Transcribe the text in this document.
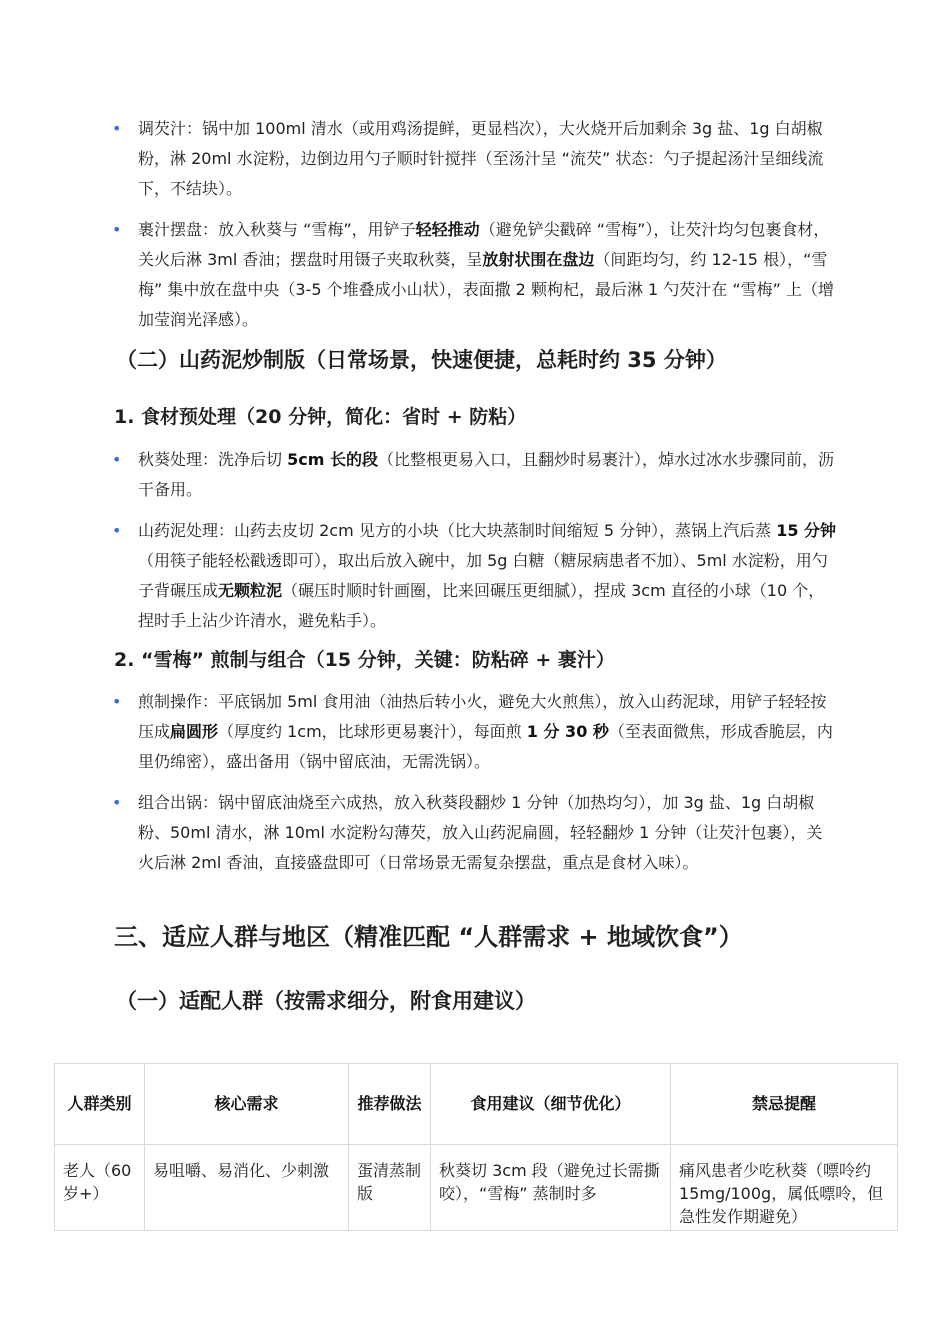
• 调芡汁：锅中加 100ml 清水（或用鸡汤提鲜，更显档次），大火烧开后加剩余 3g 盐、1g 白胡椒粉，淋 20ml 水淀粉，边倒边用勺子顺时针搅拌（至汤汁呈 “流芡” 状态：勺子提起汤汁呈细线流下，不结块）。
• 裹汁摆盘：放入秋葵与 “雪梅”，用铲子轻轻推动（避免铲尖戳碎 “雪梅”），让芡汁均匀包裹食材，关火后淋 3ml 香油；摆盘时用镊子夹取秋葵，呈放射状围在盘边（间距均匀，约 12-15 根），“雪梅” 集中放在盘中央（3-5 个堆叠成小山状），表面撒 2 颗枸杞，最后淋 1 勺芡汁在 “雪梅” 上（增加莹润光泽感）。
（二）山药泥炒制版（日常场景，快速便捷，总耗时约 35 分钟）
1. 食材预处理（20 分钟，简化：省时 + 防粘）
• 秋葵处理：洗净后切 5cm 长的段（比整根更易入口，且翻炒时易裹汁），焯水过冰水步骤同前，沥干备用。
• 山药泥处理：山药去皮切 2cm 见方的小块（比大块蒸制时间缩短 5 分钟），蒸锅上汽后蒸 15 分钟（用筷子能轻松戳透即可），取出后放入碗中，加 5g 白糖（糖尿病患者不加）、5ml 水淀粉，用勺子背碾压成无颗粒泥（碾压时顺时针画圈，比来回碾压更细腻），捏成 3cm 直径的小球（10 个，捏时手上沾少许清水，避免粘手）。
2. “雪梅” 煎制与组合（15 分钟，关键：防粘碎 + 裹汁）
• 煎制操作：平底锅加 5ml 食用油（油热后转小火，避免大火煎焦），放入山药泥球，用铲子轻轻按压成扁圆形（厚度约 1cm，比球形更易裹汁），每面煎 1 分 30 秒（至表面微焦，形成香脆层，内里仍绵密），盛出备用（锅中留底油，无需洗锅）。
• 组合出锅：锅中留底油烧至六成热，放入秋葵段翻炒 1 分钟（加热均匀），加 3g 盐、1g 白胡椒粉、50ml 清水，淋 10ml 水淀粉勾薄芡，放入山药泥扁圆，轻轻翻炒 1 分钟（让芡汁包裹），关火后淋 2ml 香油，直接盛盘即可（日常场景无需复杂摆盘，重点是食材入味）。
三、适应人群与地区（精准匹配 “人群需求 + 地域饮食”）
（一）适配人群（按需求细分，附食用建议）
人群类别	核心需求	推荐做法	食用建议（细节优化）	禁忌提醒
老人（60 岁+）	易咀嚼、易消化、少刺激	蛋清蒸制版	秋葵切 3cm 段（避免过长需撕咬），“雪梅” 蒸制时多	痛风患者少吃秋葵（嘌呤约 15mg/100g，属低嘌呤，但急性发作期避免）
